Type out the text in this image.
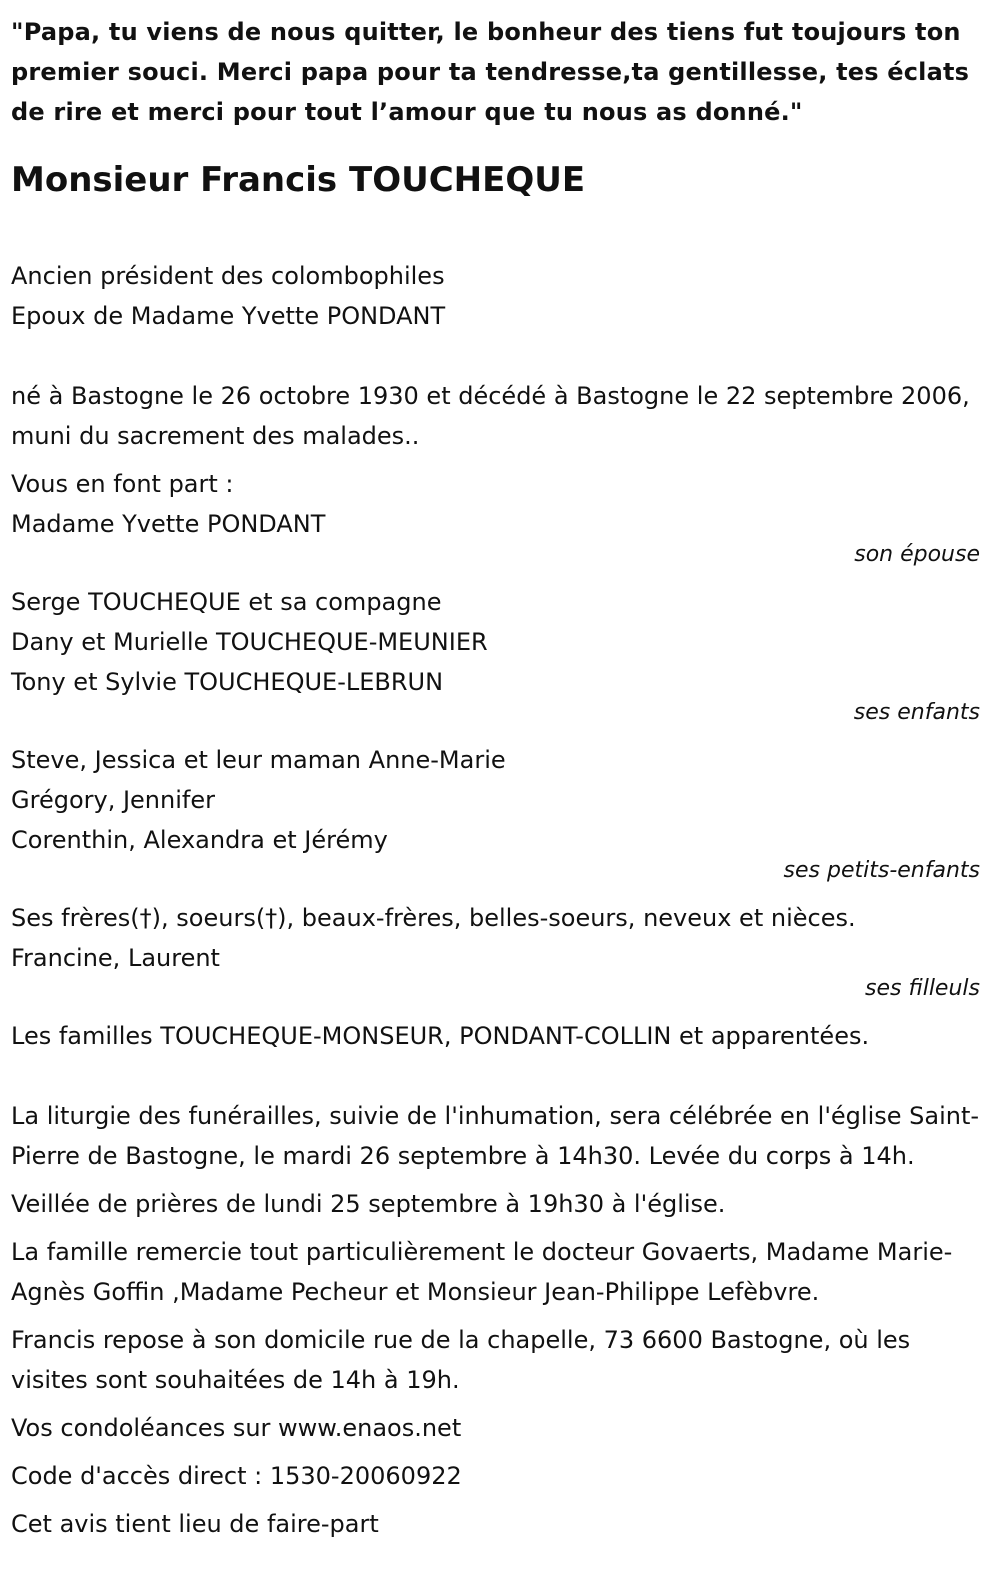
"Papa, tu viens de nous quitter, le bonheur des tiens fut toujours ton premier souci. Merci papa pour ta tendresse,ta gentillesse, tes éclats de rire et merci pour tout l’amour que tu nous as donné."

Monsieur Francis TOUCHEQUE

Ancien président des colombophiles

Epoux de Madame Yvette PONDANT

né à Bastogne le 26 octobre 1930 et décédé à Bastogne le 22 septembre 2006, muni du sacrement des malades..

Vous en font part :

Madame Yvette PONDANT

son épouse

Serge TOUCHEQUE et sa compagne

Dany et Murielle TOUCHEQUE-MEUNIER

Tony et Sylvie TOUCHEQUE-LEBRUN

ses enfants

Steve, Jessica et leur maman Anne-Marie

Grégory, Jennifer

Corenthin, Alexandra et Jérémy

ses petits-enfants

Ses frères(†), soeurs(†), beaux-frères, belles-soeurs, neveux et nièces.

Francine, Laurent

ses filleuls

Les familles TOUCHEQUE-MONSEUR, PONDANT-COLLIN et apparentées.

La liturgie des funérailles, suivie de l'inhumation, sera célébrée en l'église Saint-Pierre de Bastogne, le mardi 26 septembre à 14h30. Levée du corps à 14h.

Veillée de prières de lundi 25 septembre à 19h30 à l'église.

La famille remercie tout particulièrement le docteur Govaerts, Madame Marie-Agnès Goffin ,Madame Pecheur et Monsieur Jean-Philippe Lefèbvre.

Francis repose à son domicile rue de la chapelle, 73 6600 Bastogne, où les visites sont souhaitées de 14h à 19h.

Vos condoléances sur www.enaos.net

Code d'accès direct : 1530-20060922

Cet avis tient lieu de faire-part
